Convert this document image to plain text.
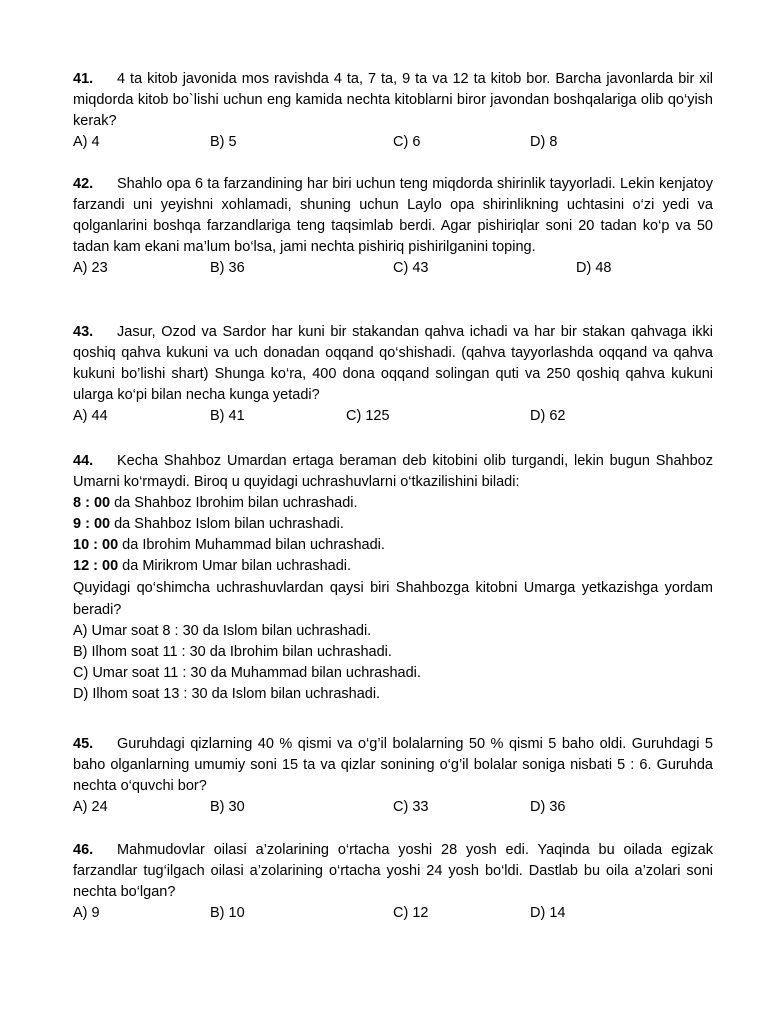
41. 4 ta kitob javonida mos ravishda 4 ta, 7 ta, 9 ta va 12 ta kitob bor. Barcha javonlarda bir xil miqdorda kitob bo`lishi uchun eng kamida nechta kitoblarni biror javondan boshqalariga olib qo‘yish kerak?

A) 4	B) 5	C) 6	D) 8

42. Shahlo opa 6 ta farzandining har biri uchun teng miqdorda shirinlik tayyorladi. Lekin kenjatoy farzandi uni yeyishni xohlamadi, shuning uchun Laylo opa shirinlikning uchtasini o‘zi yedi va qolganlarini boshqa farzandlariga teng taqsimlab berdi. Agar pishiriqlar soni 20 tadan ko‘p va 50 tadan kam ekani ma’lum bo‘lsa, jami nechta pishiriq pishirilganini toping.

A) 23	B) 36	C) 43	D) 48

43. Jasur, Ozod va Sardor har kuni bir stakandan qahva ichadi va har bir stakan qahvaga ikki qoshiq qahva kukuni va uch donadan oqqand qo‘shishadi. (qahva tayyorlashda oqqand va qahva kukuni bo’lishi shart) Shunga ko‘ra, 400 dona oqqand solingan quti va 250 qoshiq qahva kukuni ularga ko‘pi bilan necha kunga yetadi?

A) 44	B) 41	C) 125	D) 62

44. Kecha Shahboz Umardan ertaga beraman deb kitobini olib turgandi, lekin bugun Shahboz Umarni ko‘rmaydi. Biroq u quyidagi uchrashuvlarni o‘tkazilishini biladi:

8 : 00 da Shahboz Ibrohim bilan uchrashadi.

9 : 00 da Shahboz Islom bilan uchrashadi.

10 : 00 da Ibrohim Muhammad bilan uchrashadi.

12 : 00 da Mirikrom Umar bilan uchrashadi.

Quyidagi qo‘shimcha uchrashuvlardan qaysi biri Shahbozga kitobni Umarga yetkazishga yordam beradi?

A) Umar soat 8 : 30 da Islom bilan uchrashadi.

B) Ilhom soat 11 : 30 da Ibrohim bilan uchrashadi.

C) Umar soat 11 : 30 da Muhammad bilan uchrashadi.

D) Ilhom soat 13 : 30 da Islom bilan uchrashadi.

45. Guruhdagi qizlarning 40 % qismi va o‘g’il bolalarning 50 % qismi 5 baho oldi. Guruhdagi 5 baho olganlarning umumiy soni 15 ta va qizlar sonining o‘g’il bolalar soniga nisbati 5 : 6. Guruhda nechta o‘quvchi bor?

A) 24	B) 30	C) 33	D) 36

46. Mahmudovlar oilasi a’zolarining o‘rtacha yoshi 28 yosh edi. Yaqinda bu oilada egizak farzandlar tug‘ilgach oilasi a’zolarining o‘rtacha yoshi 24 yosh bo‘ldi. Dastlab bu oila a’zolari soni nechta bo‘lgan?

A) 9	B) 10	C) 12	D) 14
